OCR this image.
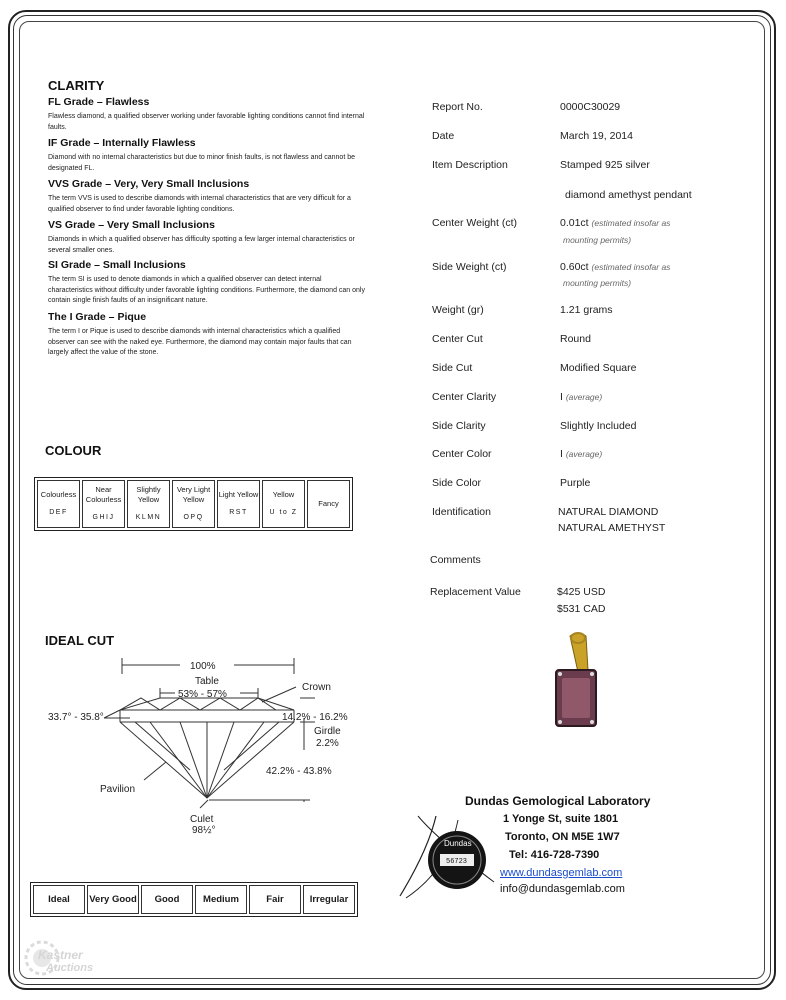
CLARITY
FL Grade – Flawless
Flawless diamond, a qualified observer working under favorable lighting conditions cannot find internal faults.
IF Grade – Internally Flawless
Diamond with no internal characteristics but due to minor finish faults, is not flawless and cannot be designated FL.
VVS Grade – Very, Very Small Inclusions
The term VVS is used to describe diamonds with internal characteristics that are very difficult for a qualified observer to find under favorable lighting conditions.
VS Grade – Very Small Inclusions
Diamonds in which a qualified observer has difficulty spotting a few larger internal characteristics or several smaller ones.
SI Grade – Small Inclusions
The term SI is used to denote diamonds in which a qualified observer can detect internal characteristics without difficulty under favorable lighting conditions. Furthermore, the diamond can only contain single finish faults of an insignificant nature.
The I Grade – Pique
The term I or Pique is used to describe diamonds with internal characteristics which a qualified observer can see with the naked eye. Furthermore, the diamond may contain major faults that can largely affect the value of the stone.
COLOUR
Colourless
DEF
	Near Colourless
GHIJ
	Slightly Yellow
KLMN
	Very Light Yellow
OPQ
	Light Yellow
RST
	Yellow
U to Z
	Fancy
IDEAL CUT
100%
Table
53% - 57%
Crown
33.7° - 35.8°	14.2% - 16.2%
Girdle
2.2%
42.2% - 43.8%
Pavilion
Culet
98½°
Ideal	Very Good	Good	Medium	Fair	Irregular
Report No.	0000C30029
Date	March 19, 2014
Item Description	Stamped 925 silver
diamond amethyst pendant
Center Weight (ct)	0.01ct (estimated insofar as
mounting permits)
Side Weight (ct)	0.60ct (estimated insofar as
mounting permits)
Weight (gr)	1.21 grams
Center Cut	Round
Side Cut	Modified Square
Center Clarity	I (average)
Side Clarity	Slightly Included
Center Color	I (average)
Side Color	Purple
Identification	NATURAL DIAMOND
NATURAL AMETHYST
Comments
Replacement Value	$425 USD
$531 CAD
Dundas
56723
Dundas Gemological Laboratory
1 Yonge St, suite 1801
Toronto, ON M5E 1W7
Tel: 416-728-7390
www.dundasgemlab.com
info@dundasgemlab.com
Kastner
Auctions
